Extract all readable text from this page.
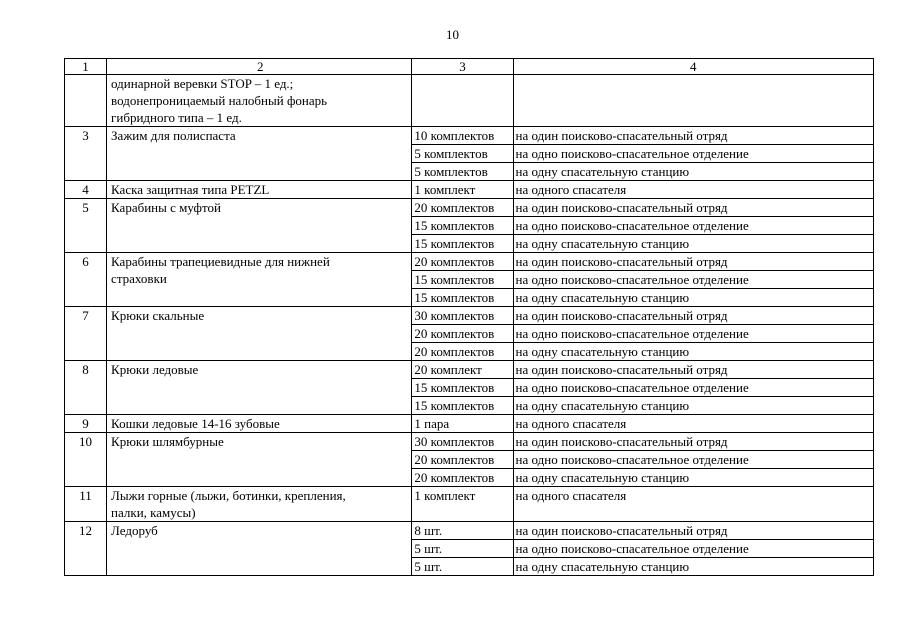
10
1	2	3	4

	одинарной веревки STOP – 1 ед.;
водонепроницаемый налобный фонарь
гибридного типа – 1 ед.		

3	Зажим для полиспаста	10 комплектов	на один поисково-спасательный отряд
		5 комплектов	на одно поисково-спасательное отделение
		5 комплектов	на одну спасательную станцию
4	Каска защитная типа PETZL	1 комплект	на одного спасателя
5	Карабины с муфтой	20 комплектов	на один поисково-спасательный отряд
		15 комплектов	на одно поисково-спасательное отделение
		15 комплектов	на одну спасательную станцию
6	Карабины трапециевидные для нижней
страховки	20 комплектов	на один поисково-спасательный отряд
		15 комплектов	на одно поисково-спасательное отделение
		15 комплектов	на одну спасательную станцию
7	Крюки скальные	30 комплектов	на один поисково-спасательный отряд
		20 комплектов	на одно поисково-спасательное отделение
		20 комплектов	на одну спасательную станцию
8	Крюки ледовые	20 комплект	на один поисково-спасательный отряд
		15 комплектов	на одно поисково-спасательное отделение
		15 комплектов	на одну спасательную станцию
9	Кошки ледовые 14-16 зубовые	1 пара	на одного спасателя
10	Крюки шлямбурные	30 комплектов	на один поисково-спасательный отряд
		20 комплектов	на одно поисково-спасательное отделение
		20 комплектов	на одну спасательную станцию
11	Лыжи горные (лыжи, ботинки, крепления,
палки, камусы)	1 комплект	на одного спасателя
12	Ледоруб	8 шт.	на один поисково-спасательный отряд
		5 шт.	на одно поисково-спасательное отделение
		5 шт.	на одну спасательную станцию
